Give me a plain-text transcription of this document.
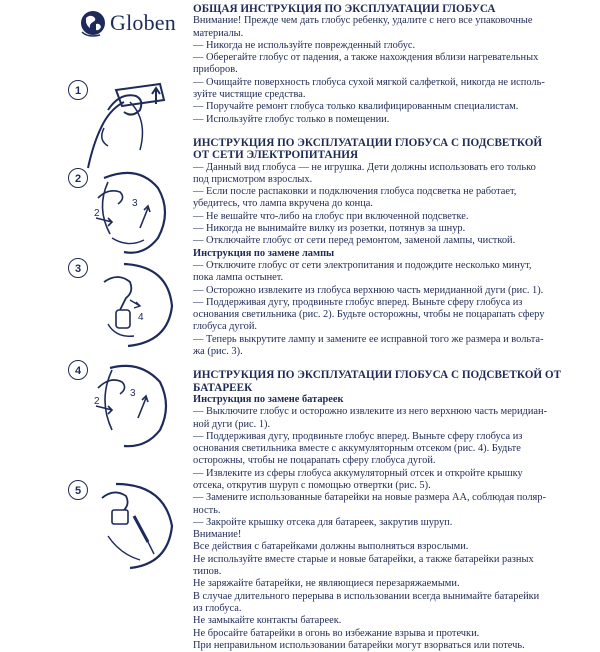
Globen
1
2
3
2
4
3
2
3
4
5

ОБЩАЯ ИНСТРУКЦИЯ ПО ЭКСПЛУАТАЦИИ ГЛОБУСА

Внимание! Прежде чем дать глобус ребенку, удалите с него все упаковочные

материалы.

— Никогда не используйте поврежденный глобус.

— Оберегайте глобус от падения, а также нахождения вблизи нагревательных

приборов.

— Очищайте поверхность глобуса сухой мягкой салфеткой, никогда не исполь-

зуйте чистящие средства.

— Поручайте ремонт глобуса только квалифицированным специалистам.

— Используйте глобус только в помещении.

ИНСТРУКЦИЯ ПО ЭКСПЛУАТАЦИИ ГЛОБУСА С ПОДСВЕТКОЙ

ОТ СЕТИ ЭЛЕКТРОПИТАНИЯ

— Данный вид глобуса — не игрушка. Дети должны использовать его только

под присмотром взрослых.

— Если после распаковки и подключения глобуса подсветка не работает,

убедитесь, что лампа вкручена до конца.

— Не вешайте что-либо на глобус при включенной подсветке.

— Никогда не вынимайте вилку из розетки, потянув за шнур.

— Отключайте глобус от сети перед ремонтом, заменой лампы, чисткой.

Инструкция по замене лампы

— Отключите глобус от сети электропитания и подождите несколько минут,

пока лампа остынет.

— Осторожно извлеките из глобуса верхнюю часть меридианной дуги (рис. 1).

— Поддерживая дугу, продвиньте глобус вперед. Выньте сферу глобуса из

основания светильника (рис. 2). Будьте осторожны, чтобы не поцарапать сферу

глобуса дугой.

— Теперь выкрутите лампу и замените ее исправной того же размера и вольта-

жа (рис. 3).

ИНСТРУКЦИЯ ПО ЭКСПЛУАТАЦИИ ГЛОБУСА С ПОДСВЕТКОЙ ОТ

БАТАРЕЕК

Инструкция по замене батареек

— Выключите глобус и осторожно извлеките из него верхнюю часть меридиан-

ной дуги (рис. 1).

— Поддерживая дугу, продвиньте глобус вперед. Выньте сферу глобуса из

основания светильника вместе с аккумуляторным отсеком (рис. 4). Будьте

осторожны, чтобы не поцарапать сферу глобуса дугой.

— Извлеките из сферы глобуса аккумуляторный отсек и откройте крышку

отсека, открутив шуруп с помощью отвертки (рис. 5).

— Замените использованные батарейки на новые размера АА, соблюдая поляр-

ность.

— Закройте крышку отсека для батареек, закрутив шуруп.

Внимание!

Все действия с батарейками должны выполняться взрослыми.

Не используйте вместе старые и новые батарейки, а также батарейки разных

типов.

Не заряжайте батарейки, не являющиеся перезаряжаемыми.

В случае длительного перерыва в использовании всегда вынимайте батарейки

из глобуса.

Не замыкайте контакты батареек.

Не бросайте батарейки в огонь во избежание взрыва и протечки.

При неправильном использовании батарейки могут взорваться или потечь.
